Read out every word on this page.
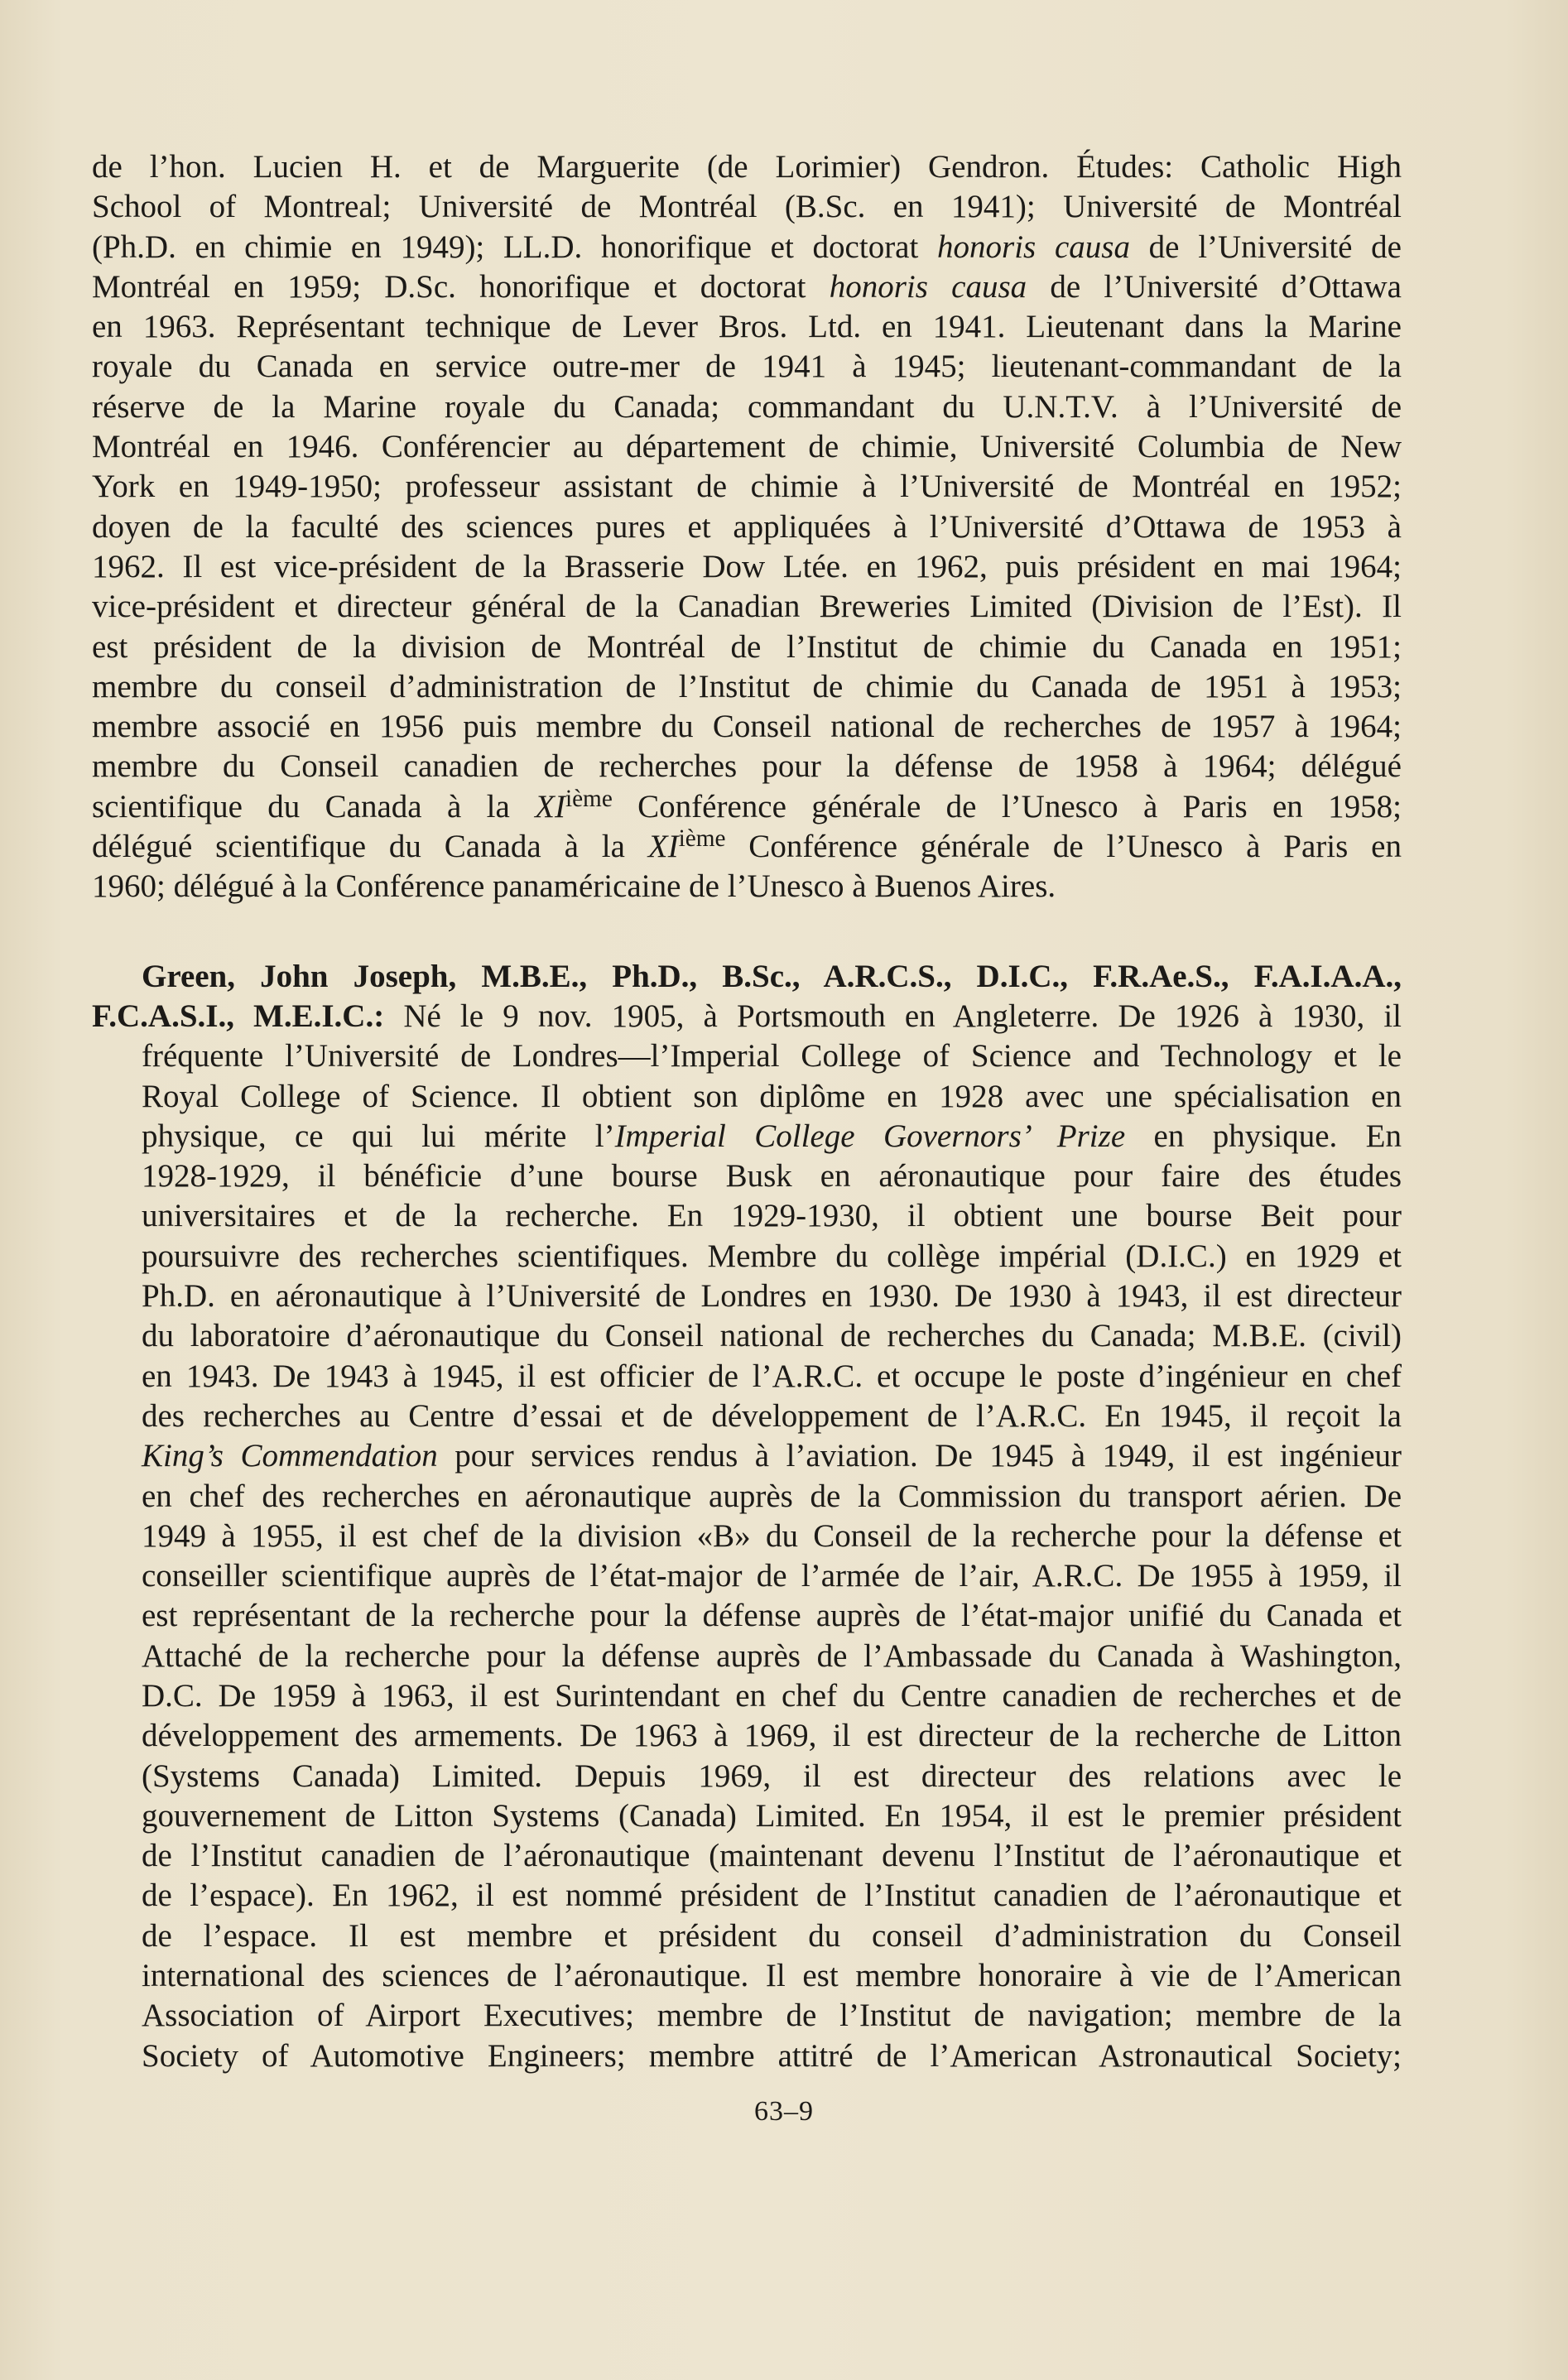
de l’hon. Lucien H. et de Marguerite (de Lorimier) Gendron. Études: Catholic High
School of Montreal; Université de Montréal (B.Sc. en 1941); Université de Montréal
(Ph.D. en chimie en 1949); LL.D. honorifique et doctorat honoris causa de l’Université de
Montréal en 1959; D.Sc. honorifique et doctorat honoris causa de l’Université d’Ottawa
en 1963. Représentant technique de Lever Bros. Ltd. en 1941. Lieutenant dans la Marine
royale du Canada en service outre-mer de 1941 à 1945; lieutenant-commandant de la
réserve de la Marine royale du Canada; commandant du U.N.T.V. à l’Université de
Montréal en 1946. Conférencier au département de chimie, Université Columbia de New
York en 1949-1950; professeur assistant de chimie à l’Université de Montréal en 1952;
doyen de la faculté des sciences pures et appliquées à l’Université d’Ottawa de 1953 à
1962. Il est vice-président de la Brasserie Dow Ltée. en 1962, puis président en mai 1964;
vice-président et directeur général de la Canadian Breweries Limited (Division de l’Est). Il
est président de la division de Montréal de l’Institut de chimie du Canada en 1951;
membre du conseil d’administration de l’Institut de chimie du Canada de 1951 à 1953;
membre associé en 1956 puis membre du Conseil national de recherches de 1957 à 1964;
membre du Conseil canadien de recherches pour la défense de 1958 à 1964; délégué
scientifique du Canada à la XIième Conférence générale de l’Unesco à Paris en 1958;
délégué scientifique du Canada à la XIième Conférence générale de l’Unesco à Paris en
1960; délégué à la Conférence panaméricaine de l’Unesco à Buenos Aires.
Green, John Joseph, M.B.E., Ph.D., B.Sc., A.R.C.S., D.I.C., F.R.Ae.S., F.A.I.A.A.,
F.C.A.S.I., M.E.I.C.: Né le 9 nov. 1905, à Portsmouth en Angleterre. De 1926 à 1930, il
fréquente l’Université de Londres—l’Imperial College of Science and Technology et le
Royal College of Science. Il obtient son diplôme en 1928 avec une spécialisation en
physique, ce qui lui mérite l’Imperial College Governors’ Prize en physique. En
1928-1929, il bénéficie d’une bourse Busk en aéronautique pour faire des études
universitaires et de la recherche. En 1929-1930, il obtient une bourse Beit pour
poursuivre des recherches scientifiques. Membre du collège impérial (D.I.C.) en 1929 et
Ph.D. en aéronautique à l’Université de Londres en 1930. De 1930 à 1943, il est directeur
du laboratoire d’aéronautique du Conseil national de recherches du Canada; M.B.E. (civil)
en 1943. De 1943 à 1945, il est officier de l’A.R.C. et occupe le poste d’ingénieur en chef
des recherches au Centre d’essai et de développement de l’A.R.C. En 1945, il reçoit la
King’s Commendation pour services rendus à l’aviation. De 1945 à 1949, il est ingénieur
en chef des recherches en aéronautique auprès de la Commission du transport aérien. De
1949 à 1955, il est chef de la division «B» du Conseil de la recherche pour la défense et
conseiller scientifique auprès de l’état-major de l’armée de l’air, A.R.C. De 1955 à 1959, il
est représentant de la recherche pour la défense auprès de l’état-major unifié du Canada et
Attaché de la recherche pour la défense auprès de l’Ambassade du Canada à Washington,
D.C. De 1959 à 1963, il est Surintendant en chef du Centre canadien de recherches et de
développement des armements. De 1963 à 1969, il est directeur de la recherche de Litton
(Systems Canada) Limited. Depuis 1969, il est directeur des relations avec le
gouvernement de Litton Systems (Canada) Limited. En 1954, il est le premier président
de l’Institut canadien de l’aéronautique (maintenant devenu l’Institut de l’aéronautique et
de l’espace). En 1962, il est nommé président de l’Institut canadien de l’aéronautique et
de l’espace. Il est membre et président du conseil d’administration du Conseil
international des sciences de l’aéronautique. Il est membre honoraire à vie de l’American
Association of Airport Executives; membre de l’Institut de navigation; membre de la
Society of Automotive Engineers; membre attitré de l’American Astronautical Society;
63–9
